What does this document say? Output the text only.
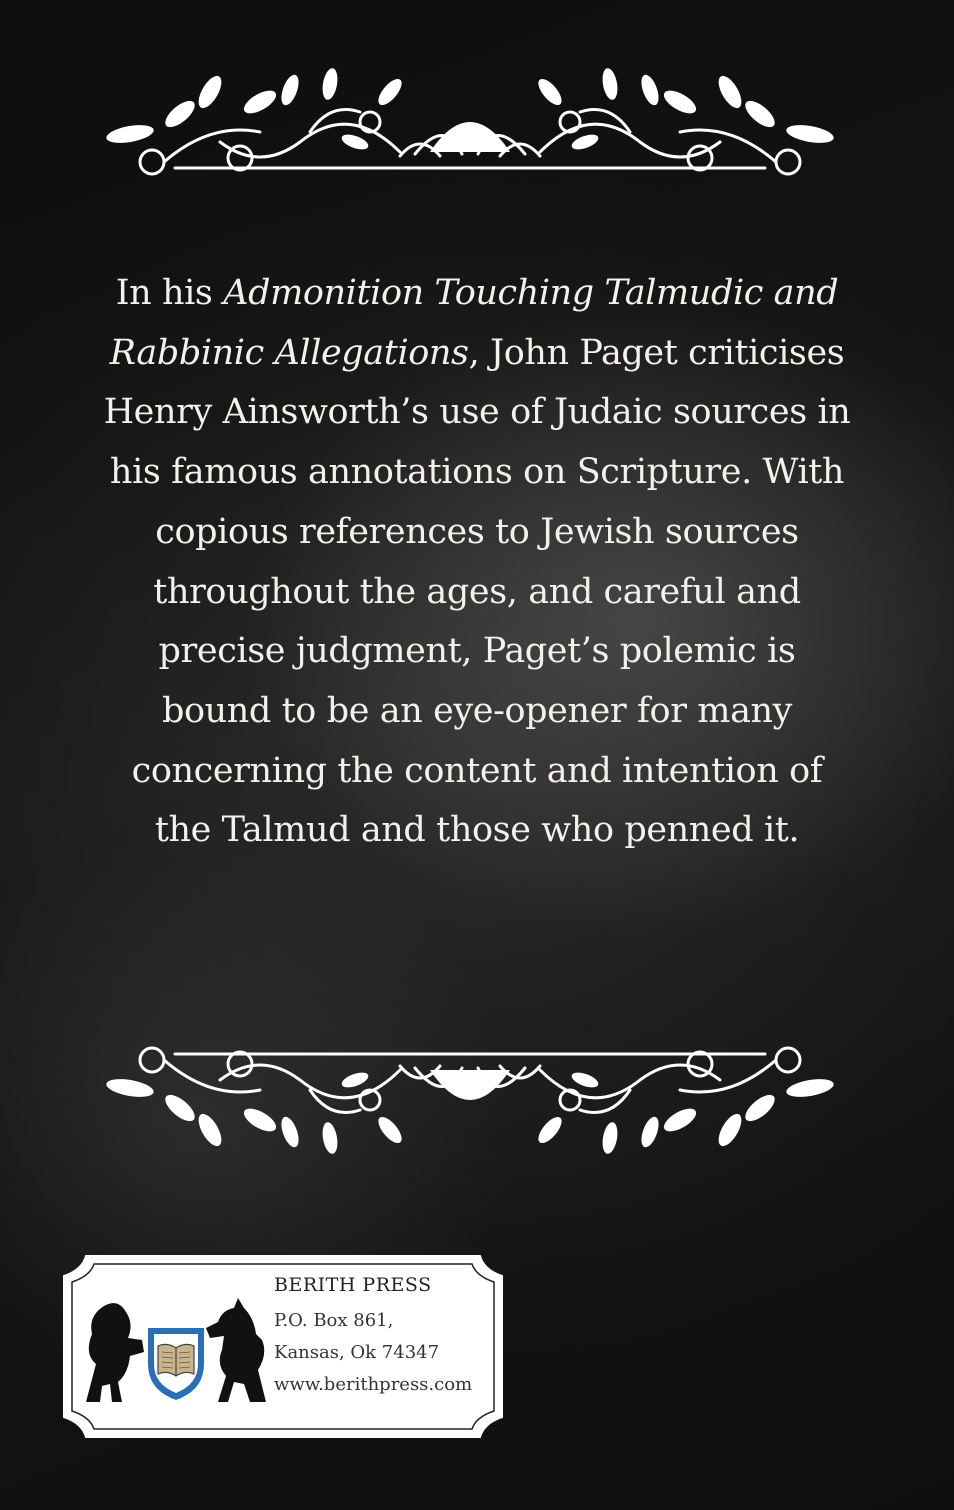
In his Admonition Touching Talmudic and Rabbinic Allegations, John Paget criticises Henry Ainsworth’s use of Judaic sources in his famous annotations on Scripture. With copious references to Jewish sources throughout the ages, and careful and precise judgment, Paget’s polemic is bound to be an eye-opener for many concerning the content and intention of the Talmud and those who penned it.
BERITH PRESS
P.O. Box 861,
Kansas, Ok 74347
www.berithpress.com
